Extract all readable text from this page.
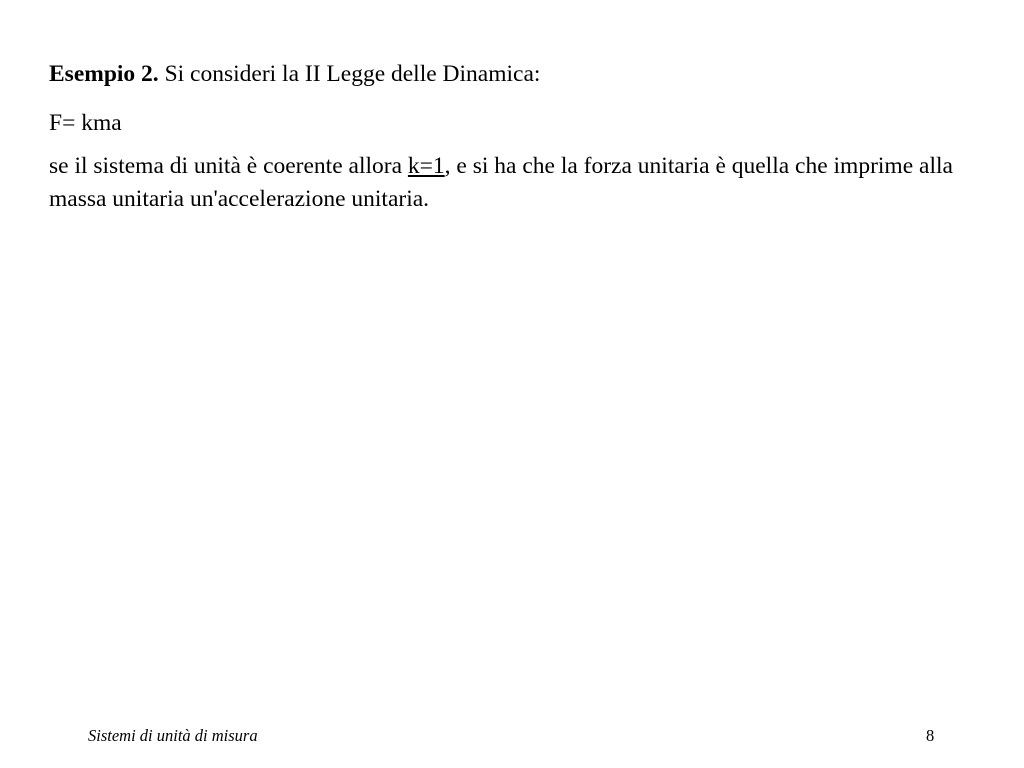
Esempio 2. Si consideri la II Legge delle Dinamica:

F= kma

se il sistema di unità è coerente allora k=1, e si ha che la forza unitaria è quella che imprime alla massa unitaria un'accelerazione unitaria.

Sistemi di unità di misura	8
